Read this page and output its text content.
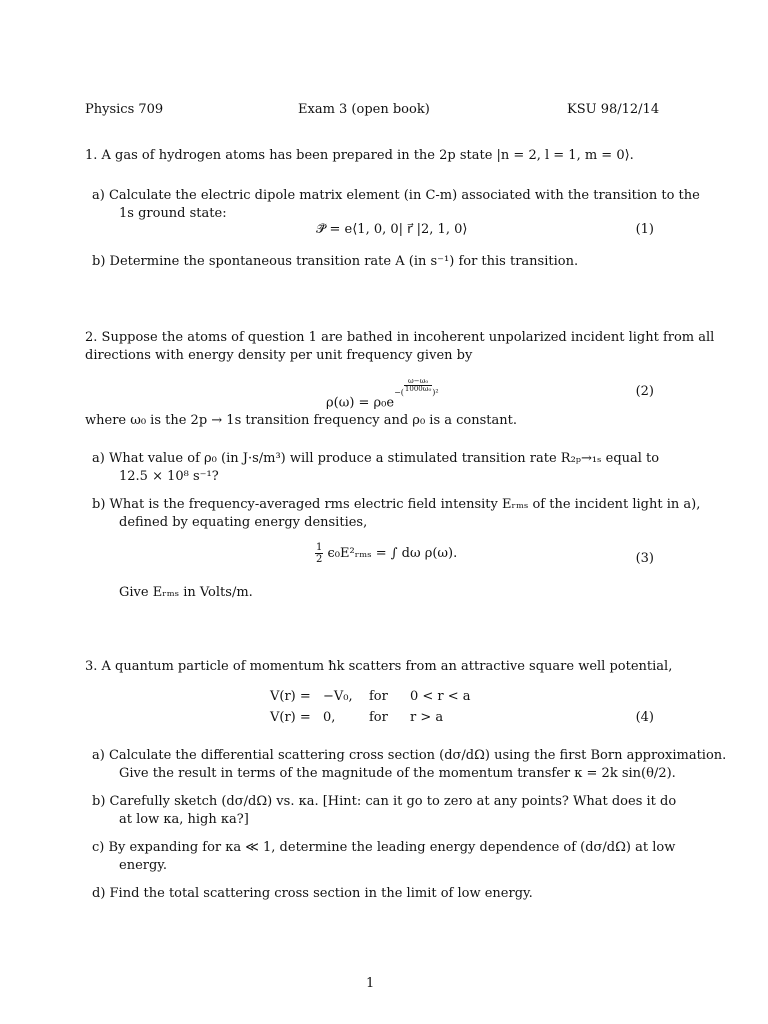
Physics 709	Exam 3 (open book)	KSU 98/12/14
1. A gas of hydrogen atoms has been prepared in the 2p state |n = 2, l = 1, m = 0⟩.
a) Calculate the electric dipole matrix element (in C-m) associated with the transition to the
1s ground state:
𝒫⃗ = e⟨1, 0, 0| r⃗ |2, 1, 0⟩	(1)
b) Determine the spontaneous transition rate A (in s⁻¹) for this transition.
2. Suppose the atoms of question 1 are bathed in incoherent unpolarized incident light from all
directions with energy density per unit frequency given by
$\rho(\omega) = \rho_0e^{-( \frac{\text{ω−ω₀}}{\text{1000ω₀}} )^2}$	(2)
where ω₀ is the 2p → 1s transition frequency and ρ₀ is a constant.
a) What value of ρ₀ (in J·s/m³) will produce a stimulated transition rate R₂ₚ→₁ₛ equal to
12.5 × 10⁸ s⁻¹?
b) What is the frequency-averaged rms electric field intensity Eᵣₘₛ of the incident light in a),
defined by equating energy densities,
$\frac{1}{2}$ ϵ₀E²ᵣₘₛ = ∫ dω ρ(ω).	(3)
Give Eᵣₘₛ in Volts/m.
3. A quantum particle of momentum ħk scatters from an attractive square well potential,
V(r) = −V₀, for 0 < r < a
V(r) = 0,	for r > a	(4)
a) Calculate the differential scattering cross section (dσ/dΩ) using the first Born approximation.
Give the result in terms of the magnitude of the momentum transfer κ = 2k sin(θ/2).
b) Carefully sketch (dσ/dΩ) vs. κa. [Hint: can it go to zero at any points? What does it do
at low κa, high κa?]
c) By expanding for κa ≪ 1, determine the leading energy dependence of (dσ/dΩ) at low
energy.
d) Find the total scattering cross section in the limit of low energy.
1
